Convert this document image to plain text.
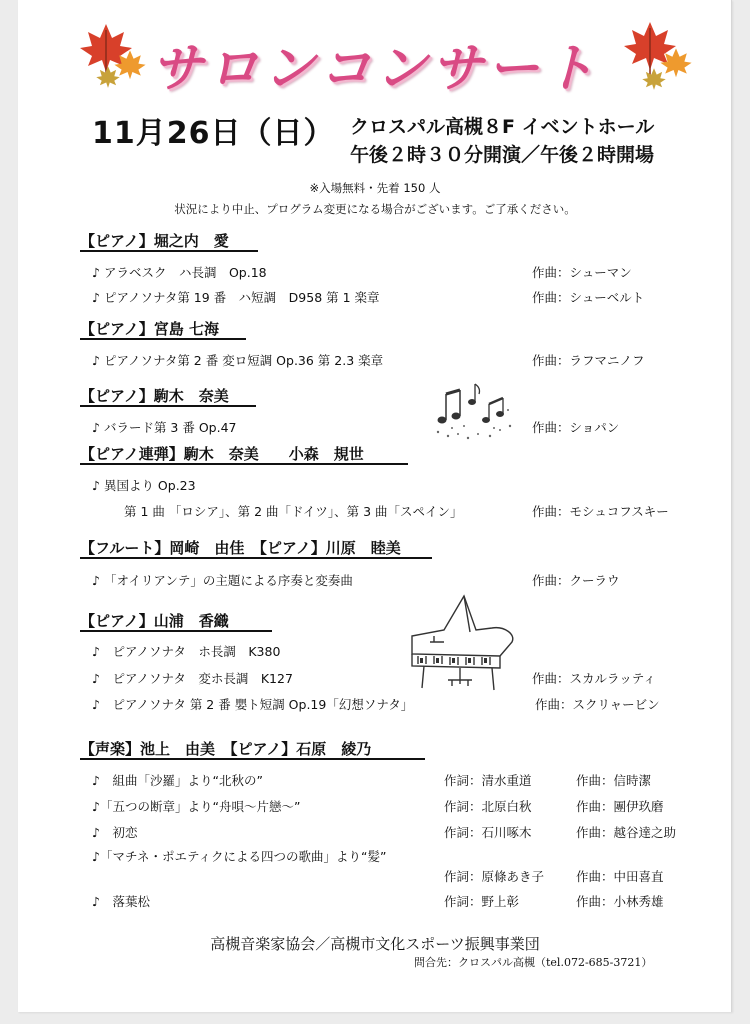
サロンコンサート
11月26日（日） クロスパル高槻８F イベントホール
午後２時３０分開演／午後２時開場
※入場無料・先着 150 人
状況により中止、プログラム変更になる場合がございます。ご了承ください。
【ピアノ】堀之内　愛
♪ アラベスク　ハ長調　Op.18	作曲：シューマン
♪ ピアノソナタ第 19 番　ハ短調　D958 第 1 楽章	作曲：シューベルト
【ピアノ】宮島 七海
♪ ピアノソナタ第 2 番 変ロ短調 Op.36 第 2.3 楽章	作曲：ラフマニノフ
【ピアノ】駒木　奈美
♪ バラード第 3 番 Op.47	作曲：ショパン
【ピアノ連弾】駒木　奈美　　小森　規世
♪ 異国より Op.23
第 1 曲 「ロシア」、第 2 曲「ドイツ」、第 3 曲「スペイン」	作曲：モシュコフスキー
【フルート】岡崎　由佳　【ピアノ】川原　睦美
♪ 「オイリアンテ」の主題による序奏と変奏曲	作曲：クーラウ
【ピアノ】山浦　香織
♪　ピアノソナタ　ホ長調　K380
♪　ピアノソナタ　変ホ長調　K127	作曲：スカルラッティ
♪　ピアノソナタ 第 2 番 嬰ト短調 Op.19「幻想ソナタ」	作曲：スクリャービン
【声楽】池上　由美　【ピアノ】石原　綾乃
♪　組曲「沙羅」より“北秋の”	作詞：清水重道	作曲：信時潔
♪「五つの断章」より“舟唄～片戀～”	作詞：北原白秋	作曲：團伊玖磨
♪　初恋	作詞：石川啄木	作曲：越谷達之助
♪「マチネ・ポエティクによる四つの歌曲」より“髪”
作詞：原條あき子	作曲：中田喜直
♪　落葉松	作詞：野上彰	作曲：小林秀雄
高槻音楽家協会／高槻市文化スポーツ振興事業団
問合先：クロスパル高槻（tel.072-685-3721）
